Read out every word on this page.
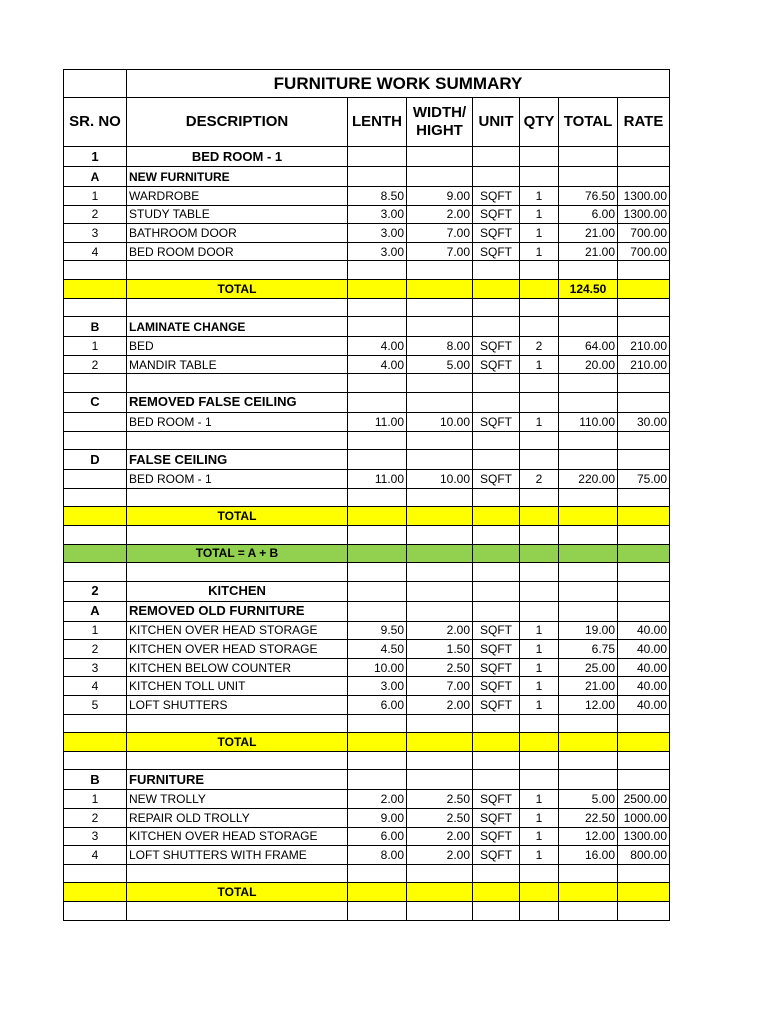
	FURNITURE WORK SUMMARY						
SR. NO	DESCRIPTION	LENTH	WIDTH/
HIGHT	UNIT	QTY	TOTAL	RATE
1	BED ROOM - 1						
A	NEW FURNITURE						
1	WARDROBE	8.50	9.00	SQFT	1	76.50	1300.00
2	STUDY TABLE	3.00	2.00	SQFT	1	6.00	1300.00
3	BATHROOM DOOR	3.00	7.00	SQFT	1	21.00	700.00
4	BED ROOM DOOR	3.00	7.00	SQFT	1	21.00	700.00

	TOTAL					124.50	

B	LAMINATE CHANGE						
1	BED	4.00	8.00	SQFT	2	64.00	210.00
2	MANDIR TABLE	4.00	5.00	SQFT	1	20.00	210.00

C	REMOVED FALSE CEILING						
	BED ROOM - 1	11.00	10.00	SQFT	1	110.00	30.00

D	FALSE CEILING						
	BED ROOM - 1	11.00	10.00	SQFT	2	220.00	75.00

	TOTAL						

	TOTAL = A + B						

2	KITCHEN						
A	REMOVED OLD FURNITURE						
1	KITCHEN OVER HEAD STORAGE	9.50	2.00	SQFT	1	19.00	40.00
2	KITCHEN OVER HEAD STORAGE	4.50	1.50	SQFT	1	6.75	40.00
3	KITCHEN BELOW COUNTER	10.00	2.50	SQFT	1	25.00	40.00
4	KITCHEN TOLL UNIT	3.00	7.00	SQFT	1	21.00	40.00
5	LOFT SHUTTERS	6.00	2.00	SQFT	1	12.00	40.00

	TOTAL						

B	FURNITURE						
1	NEW TROLLY	2.00	2.50	SQFT	1	5.00	2500.00
2	REPAIR OLD TROLLY	9.00	2.50	SQFT	1	22.50	1000.00
3	KITCHEN OVER HEAD STORAGE	6.00	2.00	SQFT	1	12.00	1300.00
4	LOFT SHUTTERS WITH FRAME	8.00	2.00	SQFT	1	16.00	800.00

	TOTAL						
